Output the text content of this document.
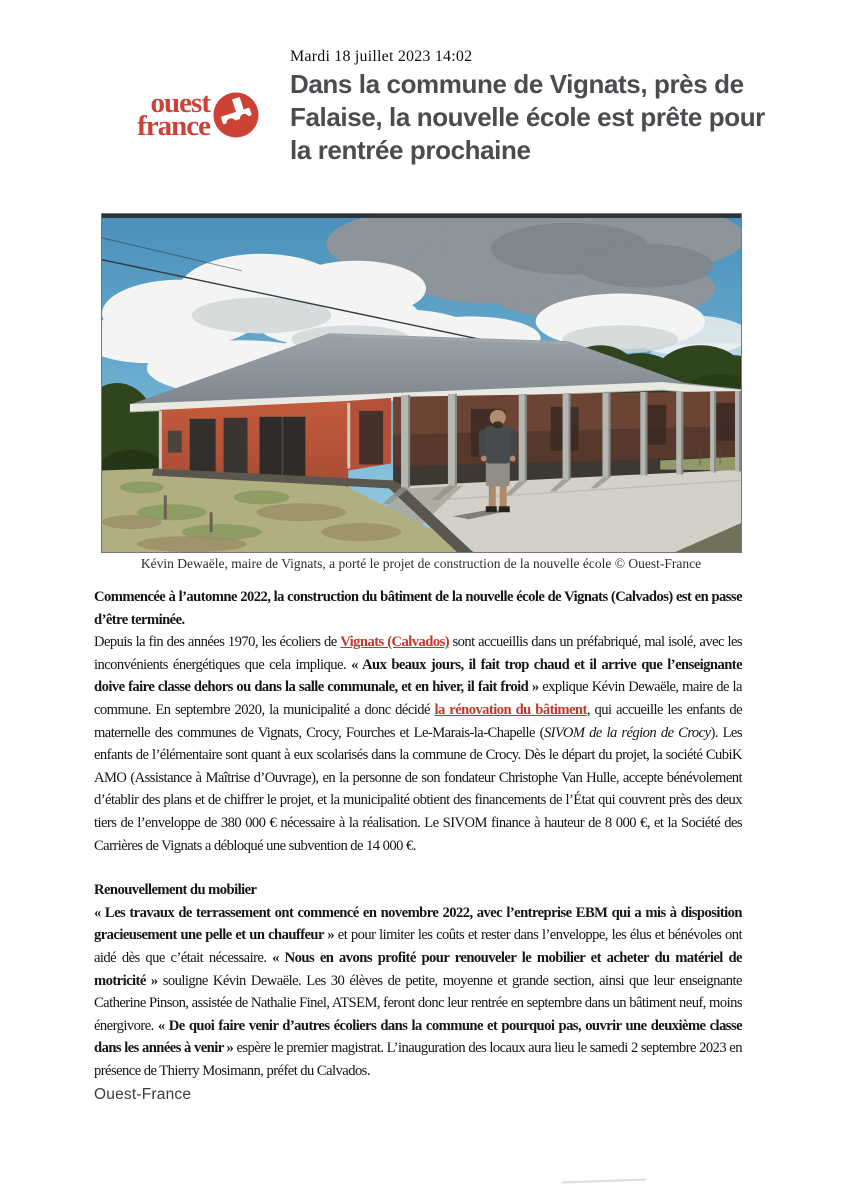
Mardi 18 juillet 2023 14:02
Dans la commune de Vignats, près de Falaise, la nouvelle école est prête pour la rentrée prochaine
ouest
france
Kévin Dewaële, maire de Vignats, a porté le projet de construction de la nouvelle école © Ouest-France

Commencée à l’automne 2022, la construction du bâtiment de la nouvelle école de Vignats (Calvados) est en passe d’être terminée.

Depuis la fin des années 1970, les écoliers de Vignats (Calvados) sont accueillis dans un préfabriqué, mal isolé, avec les inconvénients énergétiques que cela implique. « Aux beaux jours, il fait trop chaud et il arrive que l’enseignante doive faire classe dehors ou dans la salle communale, et en hiver, il fait froid » explique Kévin Dewaële, maire de la commune. En septembre 2020, la municipalité a donc décidé la rénovation du bâtiment, qui accueille les enfants de maternelle des communes de Vignats, Crocy, Fourches et Le-Marais-la-Chapelle (SIVOM de la région de Crocy). Les enfants de l’élémentaire sont quant à eux scolarisés dans la commune de Crocy. Dès le départ du projet, la société CubiK AMO (Assistance à Maîtrise d’Ouvrage), en la personne de son fondateur Christophe Van Hulle, accepte bénévolement d’établir des plans et de chiffrer le projet, et la municipalité obtient des financements de l’État qui couvrent près des deux tiers de l’enveloppe de 380 000 € nécessaire à la réalisation. Le SIVOM finance à hauteur de 8 000 €, et la Société des Carrières de Vignats a débloqué une subvention de 14 000 €.

Renouvellement du mobilier

« Les travaux de terrassement ont commencé en novembre 2022, avec l’entreprise EBM qui a mis à disposition gracieusement une pelle et un chauffeur » et pour limiter les coûts et rester dans l’enveloppe, les élus et bénévoles ont aidé dès que c’était nécessaire. « Nous en avons profité pour renouveler le mobilier et acheter du matériel de motricité » souligne Kévin Dewaële. Les 30 élèves de petite, moyenne et grande section, ainsi que leur enseignante Catherine Pinson, assistée de Nathalie Finel, ATSEM, feront donc leur rentrée en septembre dans un bâtiment neuf, moins énergivore. « De quoi faire venir d’autres écoliers dans la commune et pourquoi pas, ouvrir une deuxième classe dans les années à venir » espère le premier magistrat. L’inauguration des locaux aura lieu le samedi 2 septembre 2023 en présence de Thierry Mosimann, préfet du Calvados.

Ouest-France
